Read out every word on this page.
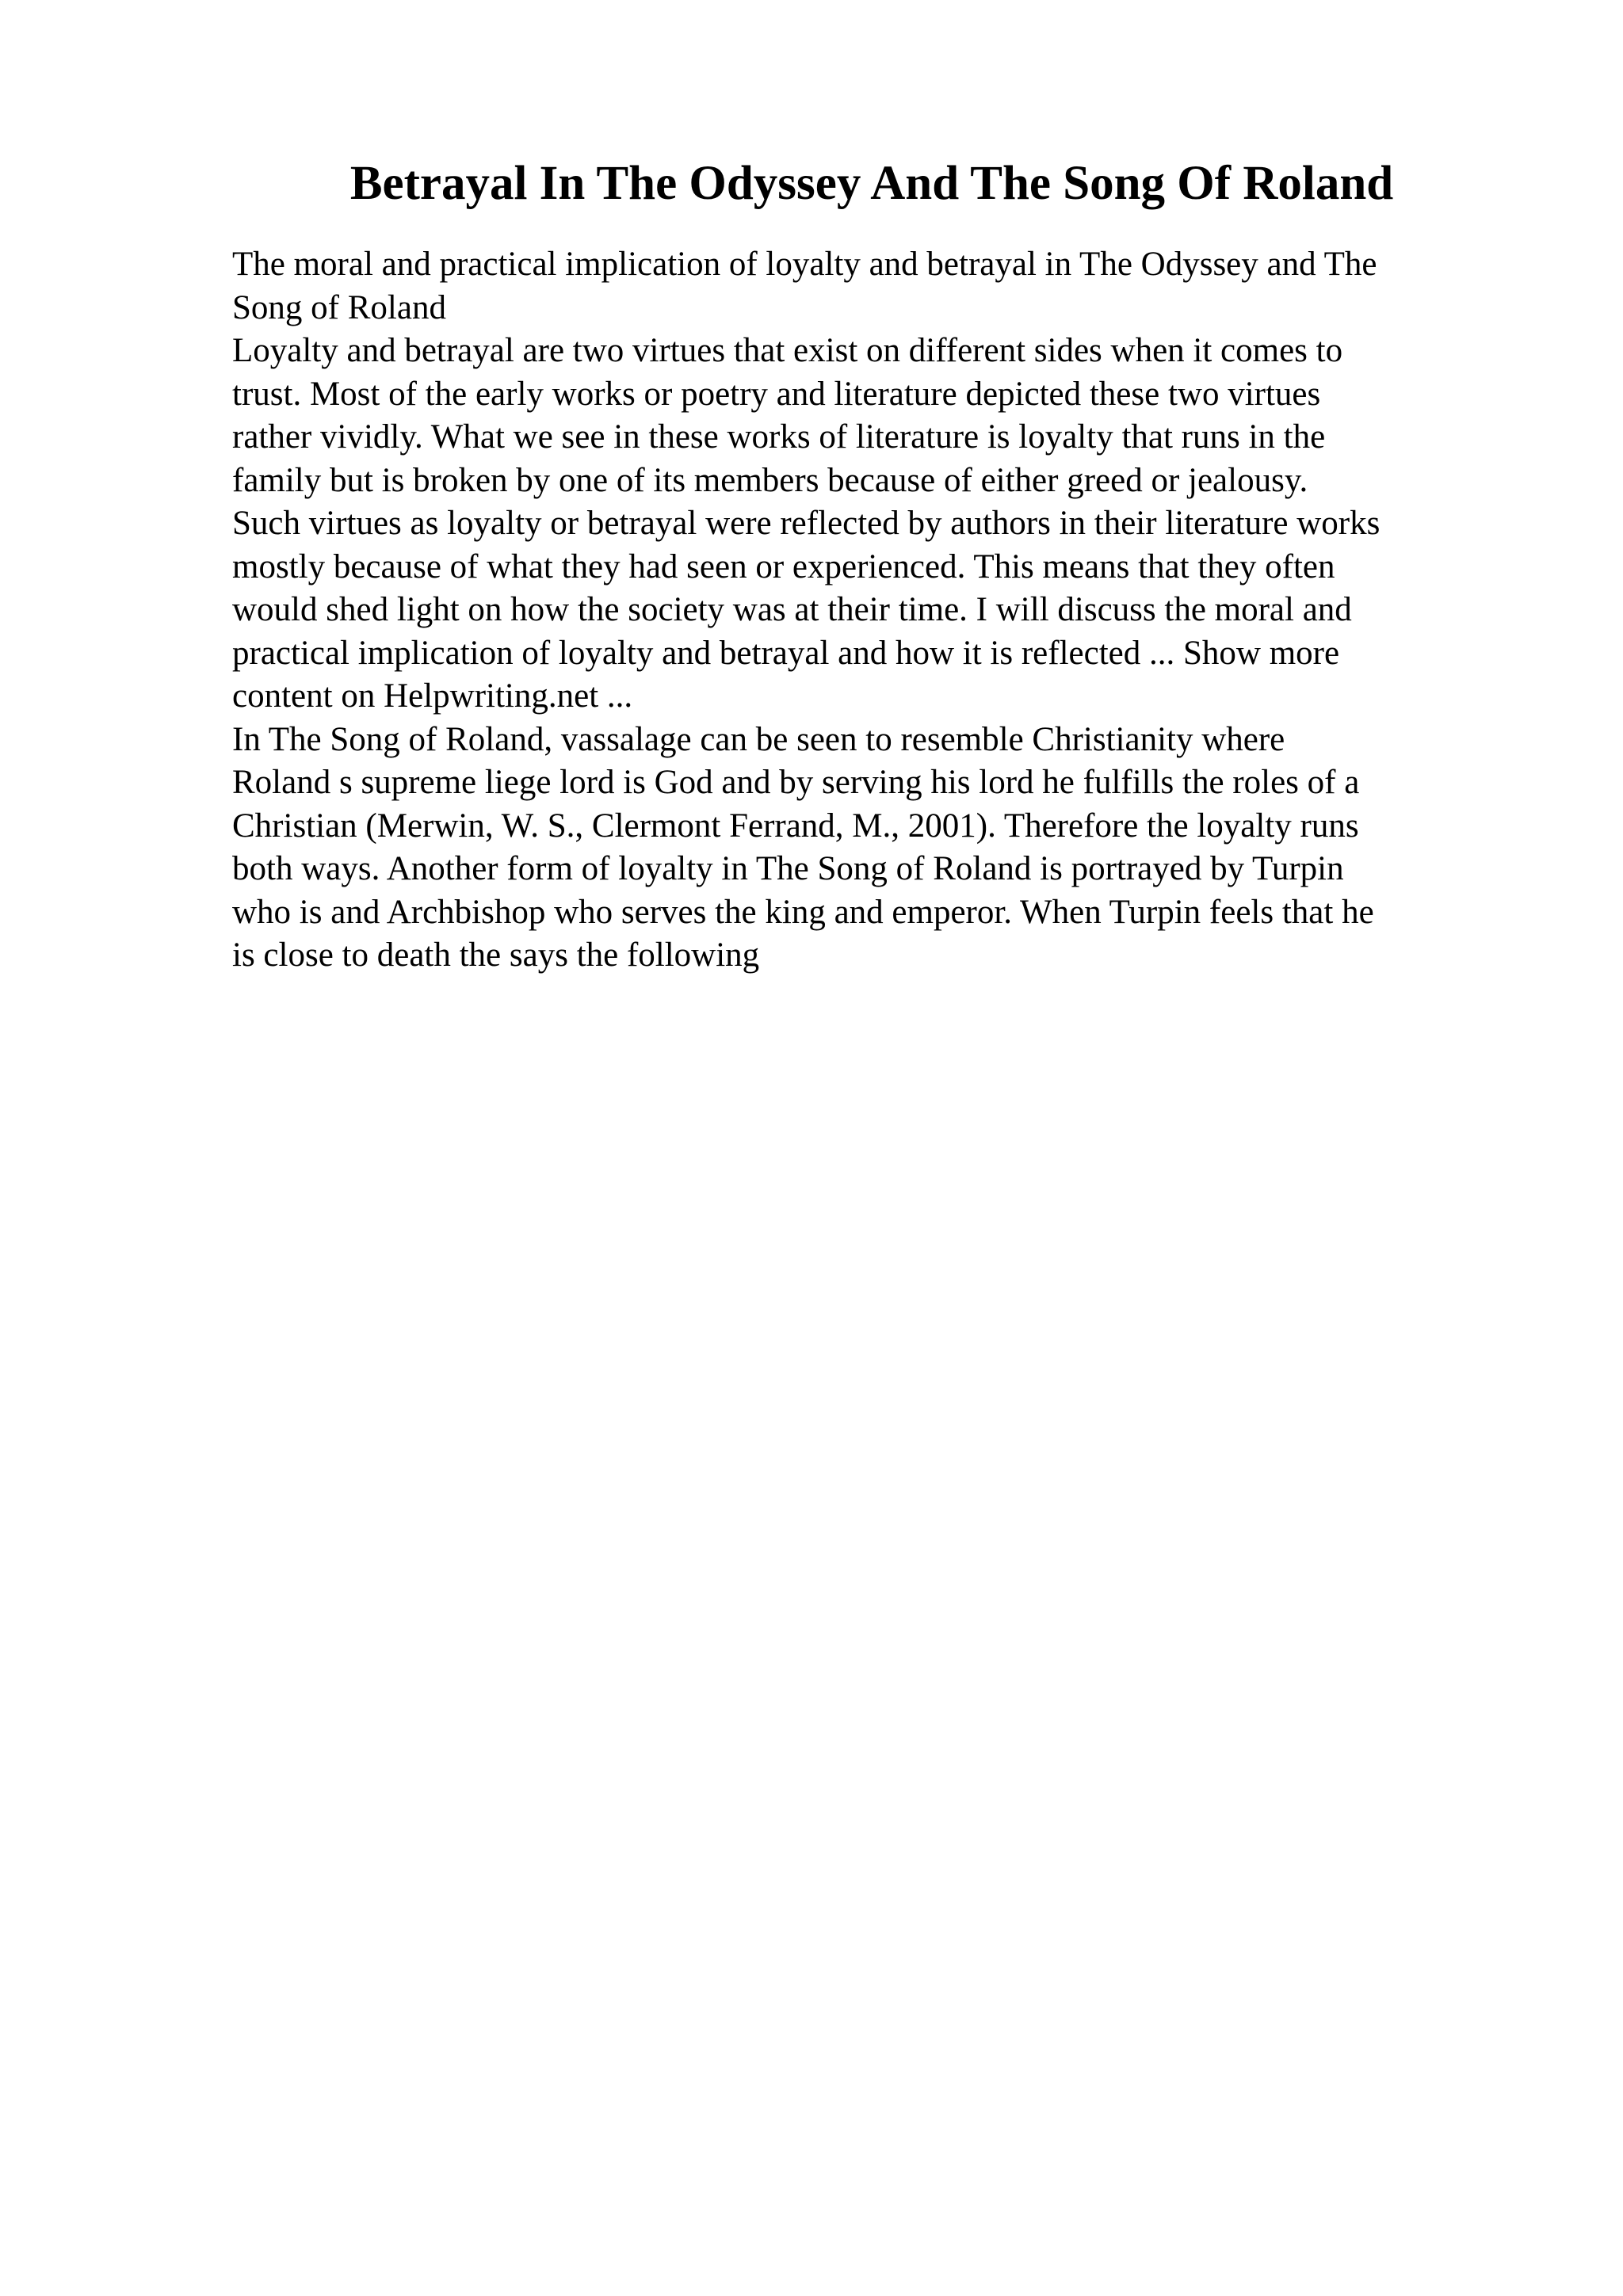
Betrayal In The Odyssey And The Song Of Roland
The moral and practical implication of loyalty and betrayal in The Odyssey and The
Song of Roland
Loyalty and betrayal are two virtues that exist on different sides when it comes to
trust. Most of the early works or poetry and literature depicted these two virtues
rather vividly. What we see in these works of literature is loyalty that runs in the
family but is broken by one of its members because of either greed or jealousy.
Such virtues as loyalty or betrayal were reflected by authors in their literature works
mostly because of what they had seen or experienced. This means that they often
would shed light on how the society was at their time. I will discuss the moral and
practical implication of loyalty and betrayal and how it is reflected ... Show more
content on Helpwriting.net ...
In The Song of Roland, vassalage can be seen to resemble Christianity where
Roland s supreme liege lord is God and by serving his lord he fulfills the roles of a
Christian (Merwin, W. S., Clermont Ferrand, M., 2001). Therefore the loyalty runs
both ways. Another form of loyalty in The Song of Roland is portrayed by Turpin
who is and Archbishop who serves the king and emperor. When Turpin feels that he
is close to death the says the following
